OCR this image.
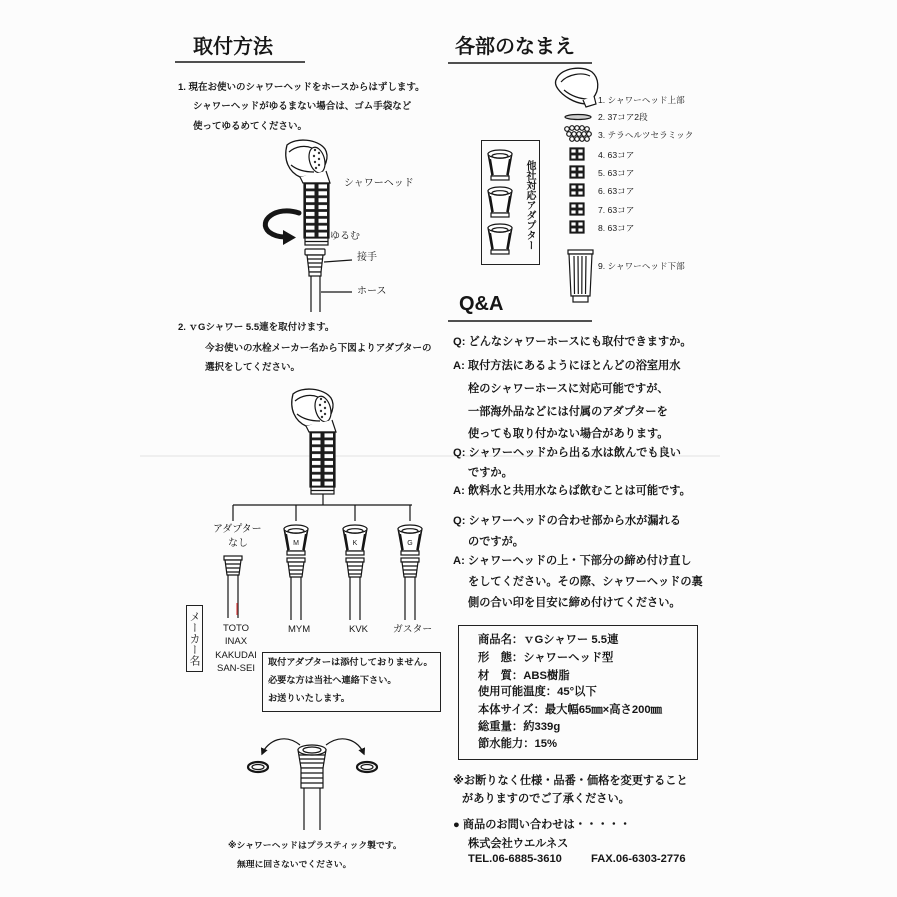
M	K	G
取付方法	各部のなまえ
Q&A
1. 現在お使いのシャワーヘッドをホースからはずします。
シャワーヘッドがゆるまない場合は、ゴム手袋など
使ってゆるめてください。
シャワーヘッド
ゆるむ
接手
ホース
2. ｖGシャワー 5.5連を取付けます。
今お使いの水栓メーカー名から下図よりアダプターの
選択をしてください。
アダプター
なし
TOTO
INAX
KAKUDAI
SAN-SEI
MYM	KVK	ガスター
メーカー名	取付アダプターは添付しておりません。
必要な方は当社へ連絡下さい。
お送りいたします。
※シャワーヘッドはプラスティック製です。
無理に回さないでください。
他社対応アダプター
1. シャワーヘッド上部
2. 37コア2段
3. テラヘルツセラミック
4. 63コア
5. 63コア
6. 63コア
7. 63コア
8. 63コア
9. シャワーヘッド下部
Q: どんなシャワーホースにも取付できますか。
A: 取付方法にあるようにほとんどの浴室用水
栓のシャワーホースに対応可能ですが、
一部海外品などには付属のアダプターを
使っても取り付かない場合があります。
Q: シャワーヘッドから出る水は飲んでも良い
ですか。
A: 飲料水と共用水ならば飲むことは可能です。
Q: シャワーヘッドの合わせ部から水が漏れる
のですが。
A: シャワーヘッドの上・下部分の締め付け直し
をしてください。その際、シャワーヘッドの裏
側の合い印を目安に締め付けてください。
商品名：ｖGシャワー 5.5連
形　態：シャワーヘッド型
材　質：ABS樹脂
使用可能温度：45°以下
本体サイズ：最大幅65㎜×高さ200㎜
総重量：約339g
節水能力：15%
※お断りなく仕様・品番・価格を変更すること
がありますのでご了承ください。
● 商品のお問い合わせは・・・・・
株式会社ウエルネス
TEL.06-6885-3610	FAX.06-6303-2776
